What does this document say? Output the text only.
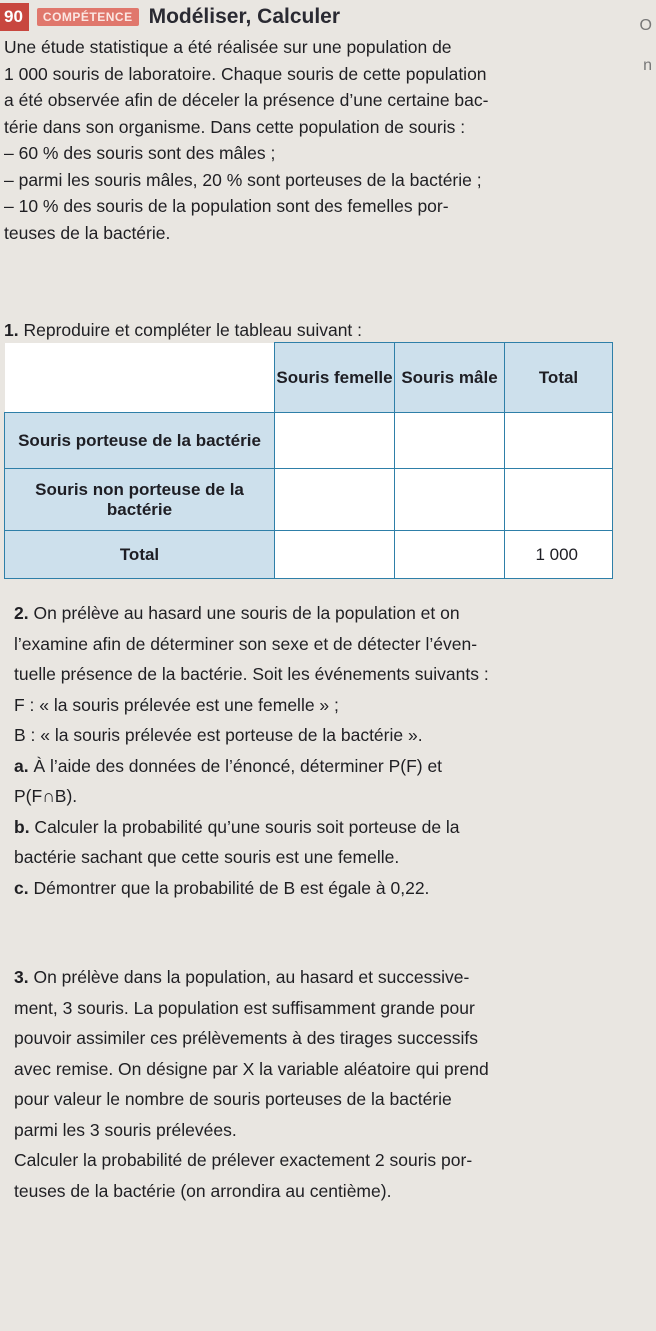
90	COMPÉTENCE Modéliser, Calculer	O
n
Une étude statistique a été réalisée sur une population de
1 000 souris de laboratoire. Chaque souris de cette population
a été observée afin de déceler la présence d’une certaine bac-
térie dans son organisme. Dans cette population de souris :
– 60 % des souris sont des mâles ;
– parmi les souris mâles, 20 % sont porteuses de la bactérie ;
– 10 % des souris de la population sont des femelles por-
teuses de la bactérie.
1. Reproduire et compléter le tableau suivant :
	Souris femelle	Souris mâle	Total
Souris porteuse de la bactérie			
Souris non porteuse de la bactérie			
Total			1 000
2. On prélève au hasard une souris de la population et on
l’examine afin de déterminer son sexe et de détecter l’éven-
tuelle présence de la bactérie. Soit les événements suivants :
F : « la souris prélevée est une femelle » ;
B : « la souris prélevée est porteuse de la bactérie ».
a. À l’aide des données de l’énoncé, déterminer P(F) et
P(F∩B).
b. Calculer la probabilité qu’une souris soit porteuse de la
bactérie sachant que cette souris est une femelle.
c. Démontrer que la probabilité de B est égale à 0,22.
3. On prélève dans la population, au hasard et successive-
ment, 3 souris. La population est suffisamment grande pour
pouvoir assimiler ces prélèvements à des tirages successifs
avec remise. On désigne par X la variable aléatoire qui prend
pour valeur le nombre de souris porteuses de la bactérie
parmi les 3 souris prélevées.
Calculer la probabilité de prélever exactement 2 souris por-
teuses de la bactérie (on arrondira au centième).
